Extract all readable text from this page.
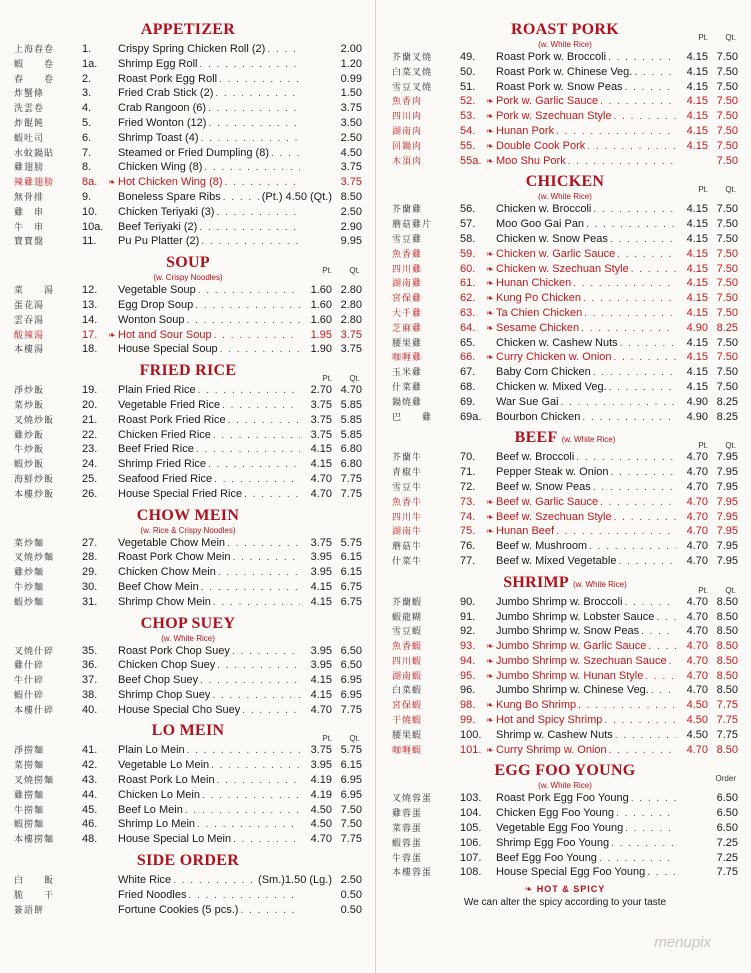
APPETIZER
上海春卷	1.	Crispy Spring Chicken Roll (2) . . .	2.00
蝦　　卷	1a.	Shrimp Egg Roll . . .	1.20
春　　卷	2.	Roast Pork Egg Roll . . .	0.99
炸蟹條	3.	Fried Crab Stick (2) . . .	1.50
洗雲卷	4.	Crab Rangoon (6) . . .	3.75
炸餛飩	5.	Fried Wonton (12) . . .	3.50
蝦吐司	6.	Shrimp Toast (4) . . .	2.50
水蚊鍋貼	7.	Steamed or Fried Dumpling (8) . . .	4.50
雞翅膀	8.	Chicken Wing (8) . . .	3.75
辣雞翅膀	8a.	❧ Hot Chicken Wing (8) . . .	3.75
無骨排	9.	Boneless Spare Ribs . . .	(Pt.) 4.50 (Qt.) 8.50
雞　串	10.	Chicken Teriyaki (3) . . .	2.50
牛　串	10a.	Beef Teriyaki (2) . . .	2.90
寶寶盤	11.	Pu Pu Platter (2) . . .	9.95
SOUP	Pt. Qt.
(w. Crispy Noodles)
菜　　湯	12.	Vegetable Soup . . .	1.60 2.80
蛋花湯	13.	Egg Drop Soup . . .	1.60 2.80
雲吞湯	14.	Wonton Soup . . .	1.60 2.80
酸辣湯	17.	❧ Hot and Sour Soup . . .	1.95 3.75
本樓湯	18.	House Special Soup . . .	1.90 3.75
FRIED RICE	Pt. Qt.
淨炒飯	19.	Plain Fried Rice . . .	2.70 4.70
菜炒飯	20.	Vegetable Fried Rice . . .	3.75 5.85
叉燒炒飯	21.	Roast Pork Fried Rice . . .	3.75 5.85
雞炒飯	22.	Chicken Fried Rice . . .	3.75 5.85
牛炒飯	23.	Beef Fried Rice . . .	4.15 6.80
蝦炒飯	24.	Shrimp Fried Rice . . .	4.15 6.80
海鮮炒飯	25.	Seafood Fried Rice . . .	4.70 7.75
本樓炒飯	26.	House Special Fried Rice . . .	4.70 7.75
CHOW MEIN
(w. Rice & Crispy Noodles)
菜炒麵	27.	Vegetable Chow Mein . . .	3.75 5.75
叉燒炒麵	28.	Roast Pork Chow Mein . . .	3.95 6.15
雞炒麵	29.	Chicken Chow Mein . . .	3.95 6.15
牛炒麵	30.	Beef Chow Mein . . .	4.15 6.75
蝦炒麵	31.	Shrimp Chow Mein . . .	4.15 6.75
CHOP SUEY
(w. White Rice)
叉燒什碎	35.	Roast Pork Chop Suey . . .	3.95 6.50
雞什碎	36.	Chicken Chop Suey . . .	3.95 6.50
牛什碎	37.	Beef Chop Suey . . .	4.15 6.95
蝦什碎	38.	Shrimp Chop Suey . . .	4.15 6.95
本樓什碎	40.	House Special Cho Suey . . .	4.70 7.75
LO MEIN	Pt. Qt.
淨撈麵	41.	Plain Lo Mein . . .	3.75 5.75
菜撈麵	42.	Vegetable Lo Mein . . .	3.95 6.15
叉燒撈麵	43.	Roast Pork Lo Mein . . .	4.19 6.95
雞撈麵	44.	Chicken Lo Mein . . .	4.19 6.95
牛撈麵	45.	Beef Lo Mein . . .	4.50 7.50
蝦撈麵	46.	Shrimp Lo Mein . . .	4.50 7.50
本樓撈麵	48.	House Special Lo Mein . . .	4.70 7.75
SIDE ORDER
白　　飯	White Rice . . .	(Sm.)1.50 (Lg.) 2.50
脆　　干	Fried Noodles . . .	0.50
簽語餅	Fortune Cookies (5 pcs.) . . .	0.50
ROAST PORK	Pt. Qt.
(w. White Rice)
芥蘭叉燒	49.	Roast Pork w. Broccoli . . .	4.15 7.50
白菜叉燒	50.	Roast Pork w. Chinese Veg. . . .	4.15 7.50
雪豆叉燒	51.	Roast Pork w. Snow Peas . . .	4.15 7.50
魚香肉	52.	❧ Pork w. Garlic Sauce . . .	4.15 7.50
四川肉	53.	❧ Pork w. Szechuan Style . . .	4.15 7.50
湖南肉	54.	❧ Hunan Pork . . .	4.15 7.50
回鍋肉	55.	❧ Double Cook Pork . . .	4.15 7.50
木須肉	55a. ❧ Moo Shu Pork . . .	7.50
CHICKEN	Pt. Qt.
(w. White Rice)
芥蘭雞	56.	Chicken w. Broccoli . . .	4.15 7.50
蘑菇雞片	57.	Moo Goo Gai Pan . . .	4.15 7.50
雪豆雞	58.	Chicken w. Snow Peas . . .	4.15 7.50
魚香雞	59.	❧ Chicken w. Garlic Sauce . . .	4.15 7.50
四川雞	60.	❧ Chicken w. Szechuan Style . . .	4.15 7.50
湖南雞	61.	❧ Hunan Chicken . . .	4.15 7.50
宮保雞	62.	❧ Kung Po Chicken . . .	4.15 7.50
大千雞	63.	❧ Ta Chien Chicken . . .	4.15 7.50
芝麻雞	64.	❧ Sesame Chicken . . .	4.90 8.25
腰果雞	65.	Chicken w. Cashew Nuts . . .	4.15 7.50
咖喱雞	66.	❧ Curry Chicken w. Onion . . .	4.15 7.50
玉米雞	67.	Baby Corn Chicken . . .	4.15 7.50
什菜雞	68.	Chicken w. Mixed Veg. . . .	4.15 7.50
鍋燒雞	69.	War Sue Gai . . .	4.90 8.25
巴　　雞	69a.	Bourbon Chicken . . .	4.90 8.25
BEEF (w. White Rice)
Pt. Qt.
芥蘭牛	70.	Beef w. Broccoli . . .	4.70 7.95
青椒牛	71.	Pepper Steak w. Onion . . .	4.70 7.95
雪豆牛	72.	Beef w. Snow Peas . . .	4.70 7.95
魚香牛	73.	❧ Beef w. Garlic Sauce . . .	4.70 7.95
四川牛	74.	❧ Beef w. Szechuan Style . . .	4.70 7.95
湖南牛	75.	❧ Hunan Beef . . .	4.70 7.95
蘑菇牛	76.	Beef w. Mushroom . . .	4.70 7.95
什菜牛	77.	Beef w. Mixed Vegetable . . .	4.70 7.95
SHRIMP (w. White Rice)
Pt. Qt.
芥蘭蝦	90.	Jumbo Shrimp w. Broccoli . . .	4.70 8.50
蝦龍糊	91.	Jumbo Shrimp w. Lobster Sauce . . .	4.70 8.50
雪豆蝦	92.	Jumbo Shrimp w. Snow Peas . . .	4.70 8.50
魚香蝦	93.	❧ Jumbo Shrimp w. Garlic Sauce . . .	4.70 8.50
四川蝦	94.	❧ Jumbo Shrimp w. Szechuan Sauce . . .	4.70 8.50
湖南蝦	95.	❧ Jumbo Shrimp w. Hunan Style . . .	4.70 8.50
白菜蝦	96.	Jumbo Shrimp w. Chinese Veg. . . .	4.70 8.50
宮保蝦	98.	❧ Kung Bo Shrimp . . .	4.50 7.75
干燒蝦	99.	❧ Hot and Spicy Shrimp . . .	4.50 7.75
腰果蝦	100.	Shrimp w. Cashew Nuts . . .	4.50 7.75
咖喱蝦	101. ❧ Curry Shrimp w. Onion . . .	4.70 8.50
EGG FOO YOUNG	Order
(w. White Rice)
叉燒蓉蛋	103.	Roast Pork Egg Foo Young . . .	6.50
雞蓉蛋	104.	Chicken Egg Foo Young . . .	6.50
菜蓉蛋	105.	Vegetable Egg Foo Young . . .	6.50
蝦蓉蛋	106.	Shrimp Egg Foo Young . . .	7.25
牛蓉蛋	107.	Beef Egg Foo Young . . .	7.25
本樓蓉蛋	108.	House Special Egg Foo Young . . .	7.75
❧ HOT & SPICY
We can alter the spicy according to your taste
menupix
